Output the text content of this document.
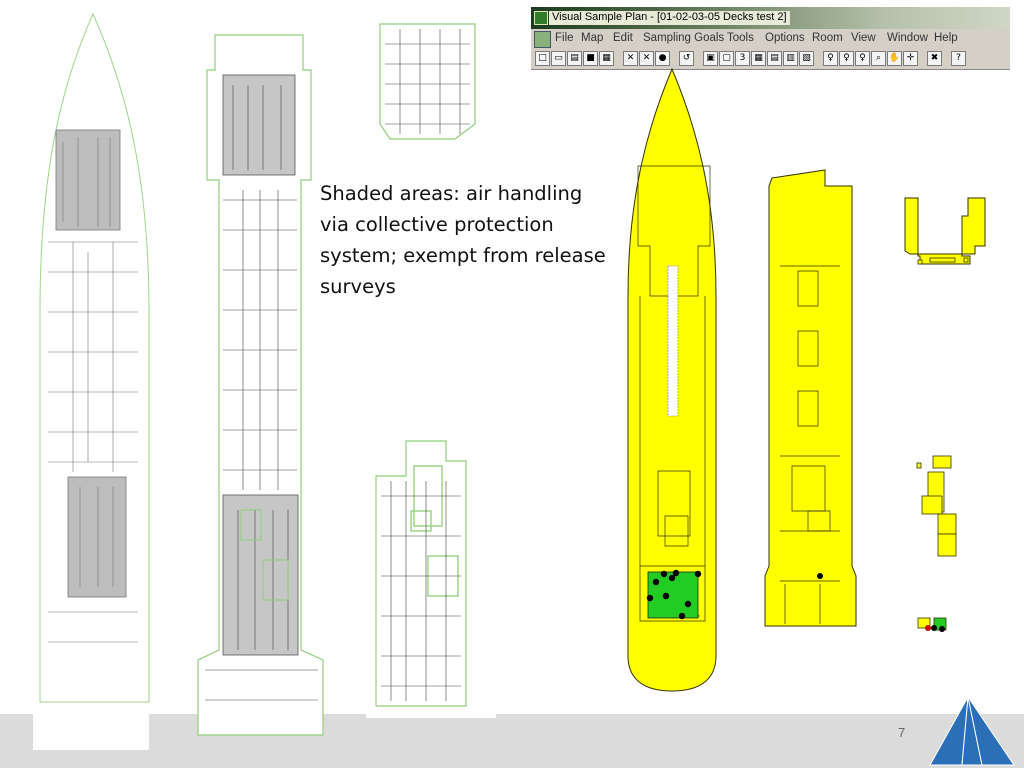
Shaded areas: air handling via collective protection system; exempt from release surveys

Visual Sample Plan - [01-02-03-05 Decks test 2]
File Map Edit Sampling Goals Tools Options Room View Window Help
□ ▭ ▤ ■ ▦	✕ ✕ ●	↺	▣ ▢ 3 ▦ ▤ ▥ ▧	♀	♀	♀	⌕ ✋ ✛	✖	?
7
